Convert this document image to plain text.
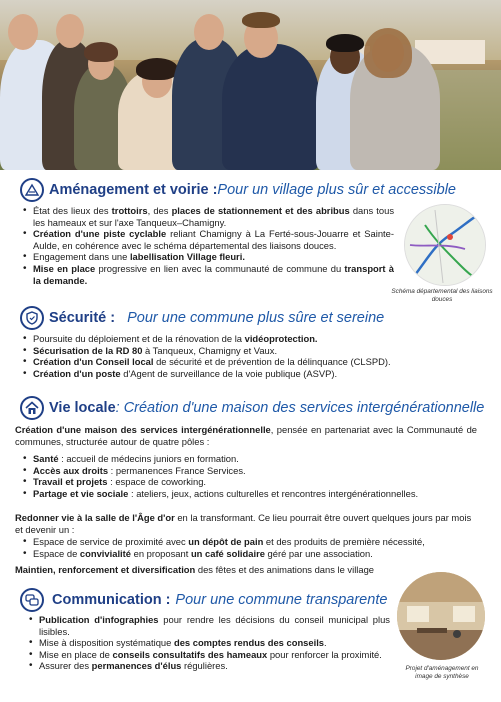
Aménagement et voirie : Pour un village plus sûr et accessible
• État des lieux des trottoirs, des places de stationnement et des abribus dans tous les hameaux et sur l'axe Tanqueux–Chamigny.
• Création d'une piste cyclable reliant Chamigny à La Ferté-sous-Jouarre et Sainte-Aulde, en cohérence avec le schéma départemental des liaisons douces.
• Engagement dans une labellisation Village fleuri.
• Mise en place progressive en lien avec la communauté de commune du transport à la demande.
Schéma départemental des liaisons douces
Sécurité : Pour une commune plus sûre et sereine
• Poursuite du déploiement et de la rénovation de la vidéoprotection.
• Sécurisation de la RD 80 à Tanqueux, Chamigny et Vaux.
• Création d'un Conseil local de sécurité et de prévention de la délinquance (CLSPD).
• Création d'un poste d'Agent de surveillance de la voie publique (ASVP).
Vie locale : Création d'une maison des services intergénérationnelle
Création d'une maison des services intergénérationnelle, pensée en partenariat avec la Communauté de communes, structurée autour de quatre pôles :
• Santé : accueil de médecins juniors en formation.
• Accès aux droits : permanences France Services.
• Travail et projets : espace de coworking.
• Partage et vie sociale : ateliers, jeux, actions culturelles et rencontres intergénérationnelles.
Redonner vie à la salle de l'Âge d'or en la transformant. Ce lieu pourrait être ouvert quelques jours par mois et devenir un :
• Espace de service de proximité avec un dépôt de pain et des produits de première nécessité,
• Espace de convivialité en proposant un café solidaire géré par une association.
Maintien, renforcement et diversification des fêtes et des animations dans le village
Communication : Pour une commune transparente
• Publication d'infographies pour rendre les décisions du conseil municipal plus lisibles.
• Mise à disposition systématique des comptes rendus des conseils.
• Mise en place de conseils consultatifs des hameaux pour renforcer la proximité.
• Assurer des permanences d'élus régulières.	Projet d'aménagement en image de synthèse
